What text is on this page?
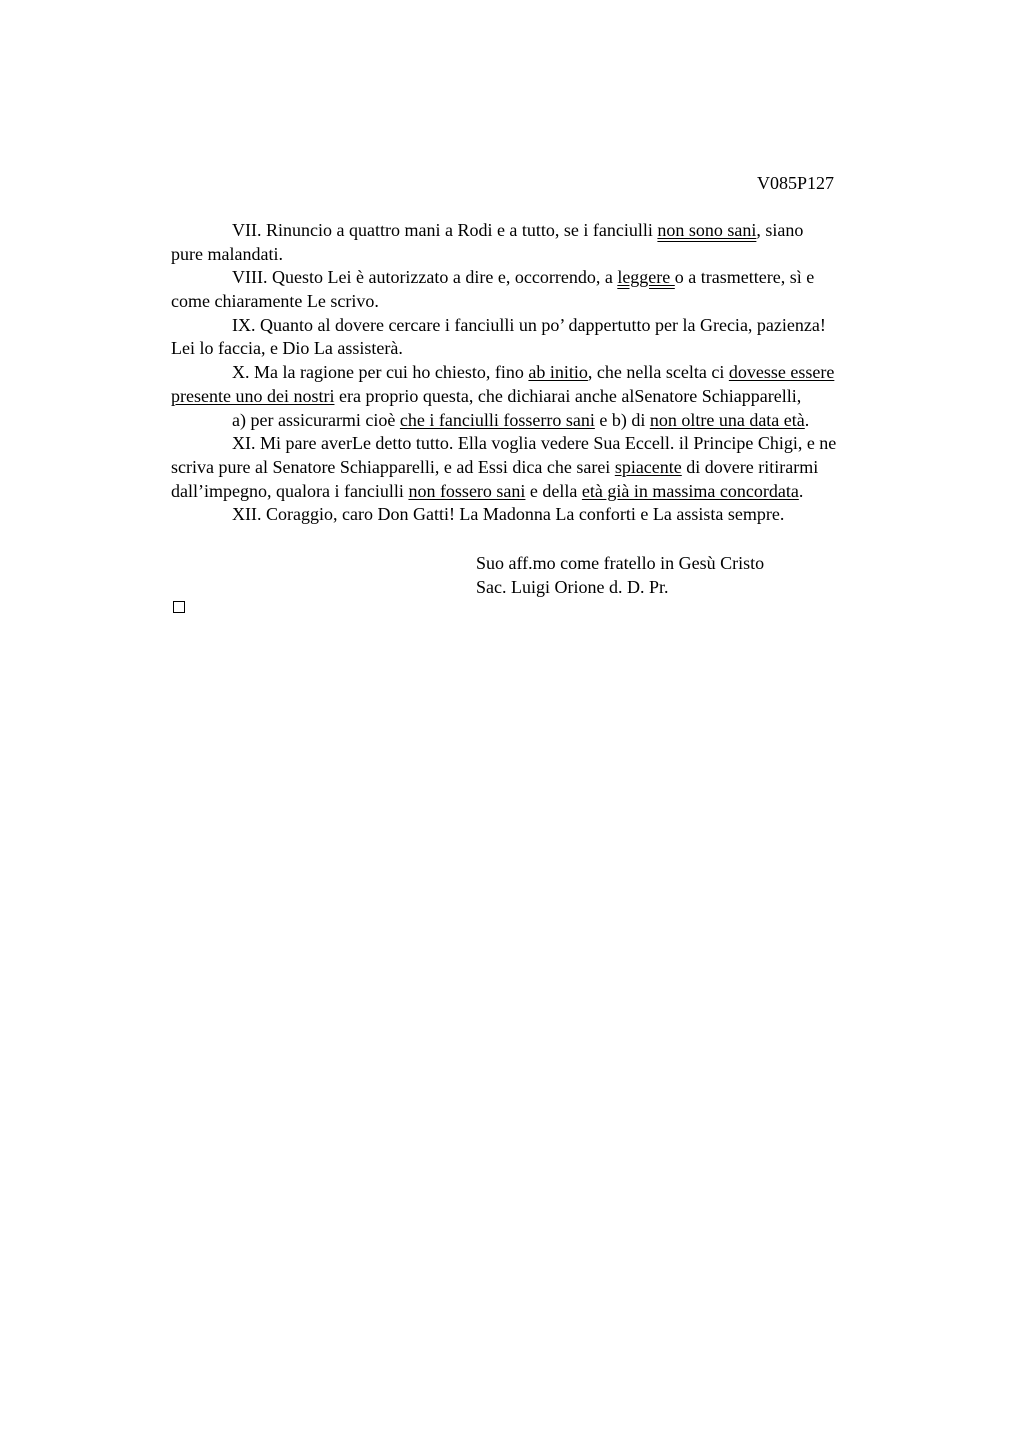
V085P127
VII. Rinuncio a quattro mani a Rodi e a tutto, se i fanciulli non sono sani, siano
pure malandati.
VIII. Questo Lei è autorizzato a dire e, occorrendo, a leggere o a trasmettere, sì e
come chiaramente Le scrivo.
IX. Quanto al dovere cercare i fanciulli un po’ dappertutto per la Grecia, pazienza!
Lei lo faccia, e Dio La assisterà.
X. Ma la ragione per cui ho chiesto, fino ab initio, che nella scelta ci dovesse essere
presente uno dei nostri era proprio questa, che dichiarai anche alSenatore Schiapparelli,
a) per assicurarmi cioè che i fanciulli fosserro sani e b) di non oltre una data età.
XI. Mi pare averLe detto tutto. Ella voglia vedere Sua Eccell. il Principe Chigi, e ne
scriva pure al Senatore Schiapparelli, e ad Essi dica che sarei spiacente di dovere ritirarmi
dall’impegno, qualora i fanciulli non fossero sani e della età già in massima concordata.
XII. Coraggio, caro Don Gatti! La Madonna La conforti e La assista sempre.
Suo aff.mo come fratello in Gesù Cristo
Sac. Luigi Orione d. D. Pr.
